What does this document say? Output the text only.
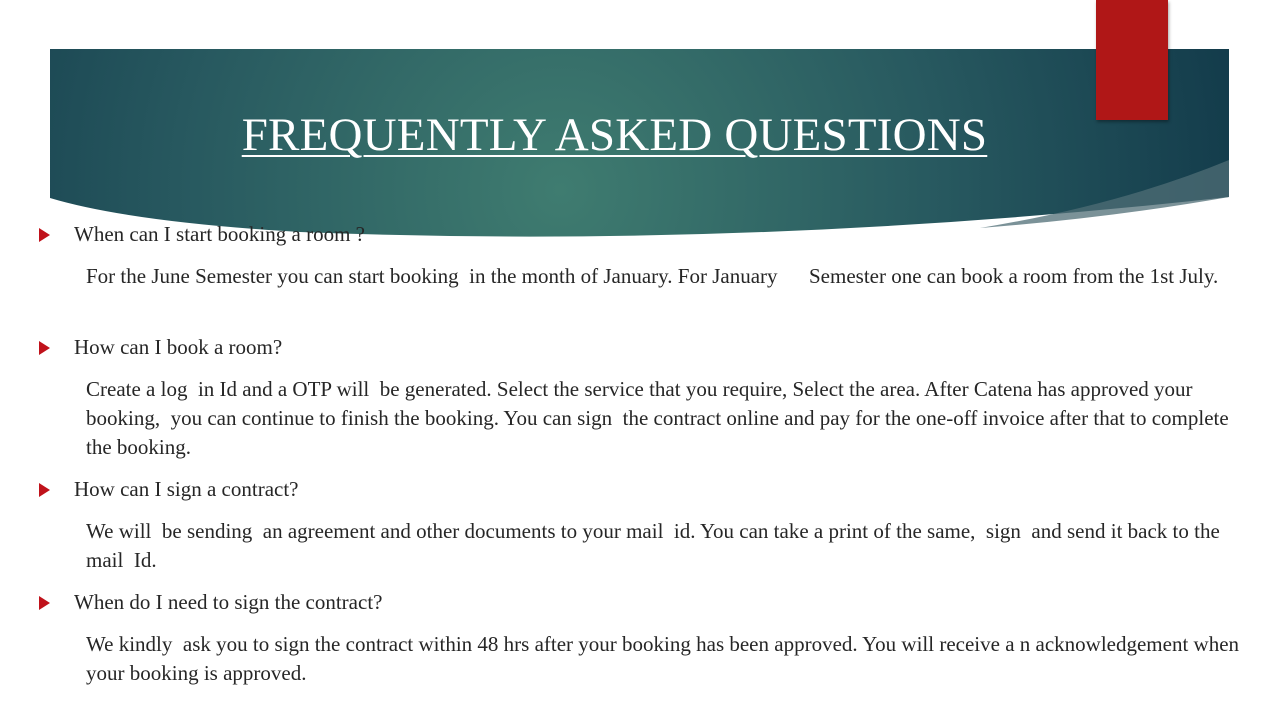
FREQUENTLY ASKED QUESTIONS
When can I start booking a room ?
For the June Semester you can start booking  in the month of January. For January      Semester one can book a room from the 1st July.
How can I book a room?
Create a log  in Id and a OTP will  be generated. Select the service that you require, Select the area. After Catena has approved your booking,  you can continue to finish the booking. You can sign  the contract online and pay for the one-off invoice after that to complete the booking.
How can I sign a contract?
We will  be sending  an agreement and other documents to your mail  id. You can take a print of the same,  sign  and send it back to the mail  Id.
When do I need to sign the contract?
We kindly  ask you to sign the contract within 48 hrs after your booking has been approved. You will receive a n acknowledgement when your booking is approved.
